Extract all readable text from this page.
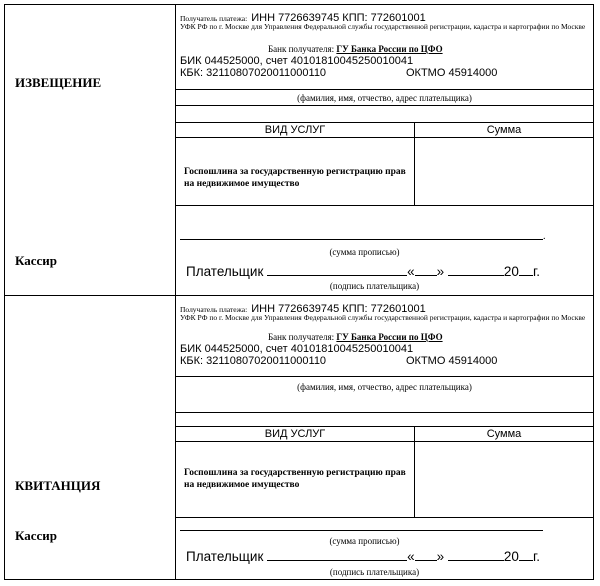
ИЗВЕЩЕНИЕ
Кассир
Получатель платежа: ИНН 7726639745 КПП: 772601001
УФК РФ по г. Москве для Управления Федеральной службы государственной регистрации, кадастра и картографии по Москве
Банк получателя: ГУ Банка России по ЦФО
БИК 044525000, счет 40101810045250010041
КБК: 32110807020011000110	ОКТМО 45914000
(фамилия, имя, отчество, адрес плательщика)
ВИД УСЛУГ	Сумма
Госпошлина за государственную регистрацию прав на недвижимое имущество
.
(сумма прописью)
Плательщик	« »	20 г.
(подпись плательщика)
КВИТАНЦИЯ
Кассир
Получатель платежа: ИНН 7726639745 КПП: 772601001
УФК РФ по г. Москве для Управления Федеральной службы государственной регистрации, кадастра и картографии по Москве
Банк получателя: ГУ Банка России по ЦФО
БИК 044525000, счет 40101810045250010041
КБК: 32110807020011000110	ОКТМО 45914000
(фамилия, имя, отчество, адрес плательщика)
ВИД УСЛУГ	Сумма
Госпошлина за государственную регистрацию прав на недвижимое имущество
(сумма прописью)
Плательщик	« »	20 г.
(подпись плательщика)
